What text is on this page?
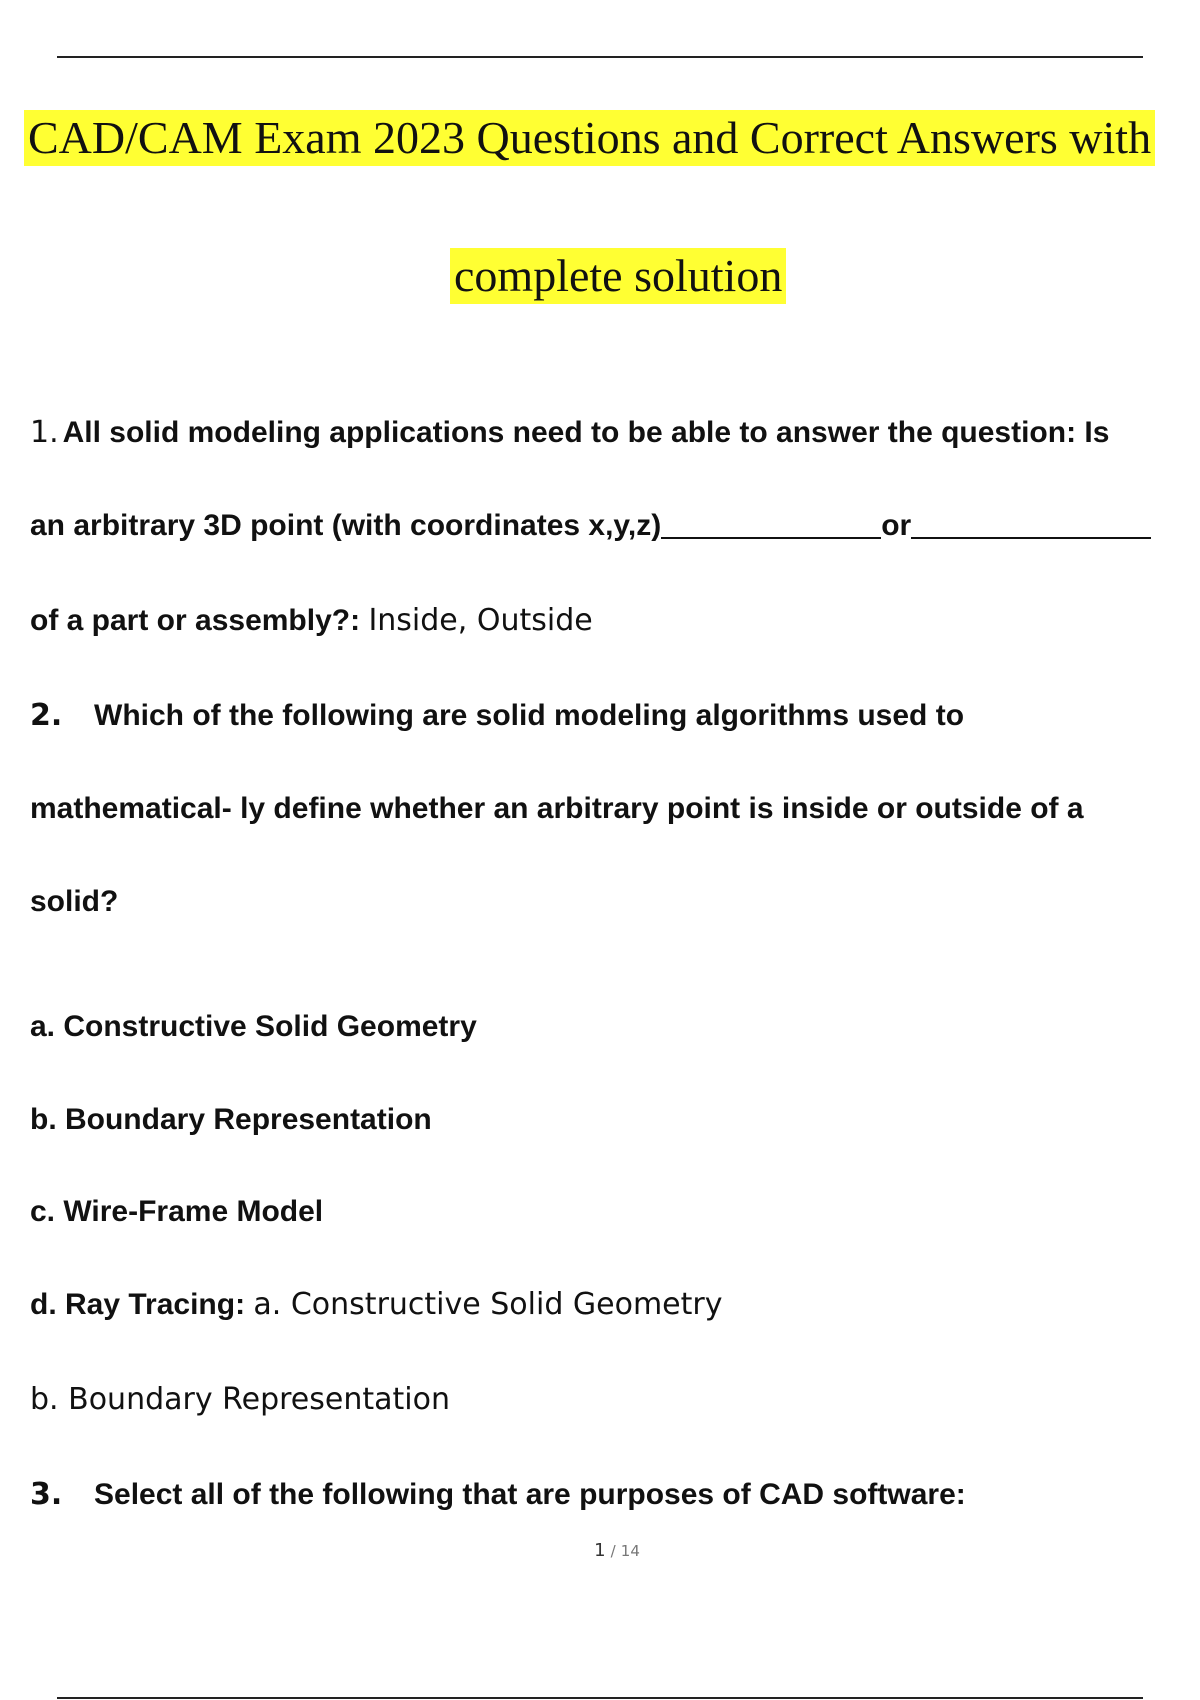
CAD/CAM Exam 2023 Questions and Correct Answers with
complete solution
1. All solid modeling applications need to be able to answer the question: Is
an arbitrary 3D point (with coordinates x,y,z)	or
of a part or assembly?: Inside, Outside
2. Which of the following are solid modeling algorithms used to
mathematical- ly define whether an arbitrary point is inside or outside of a
solid?
a. Constructive Solid Geometry
b. Boundary Representation
c. Wire-Frame Model
d. Ray Tracing: a. Constructive Solid Geometry
b. Boundary Representation
3. Select all of the following that are purposes of CAD software:
1 / 14
